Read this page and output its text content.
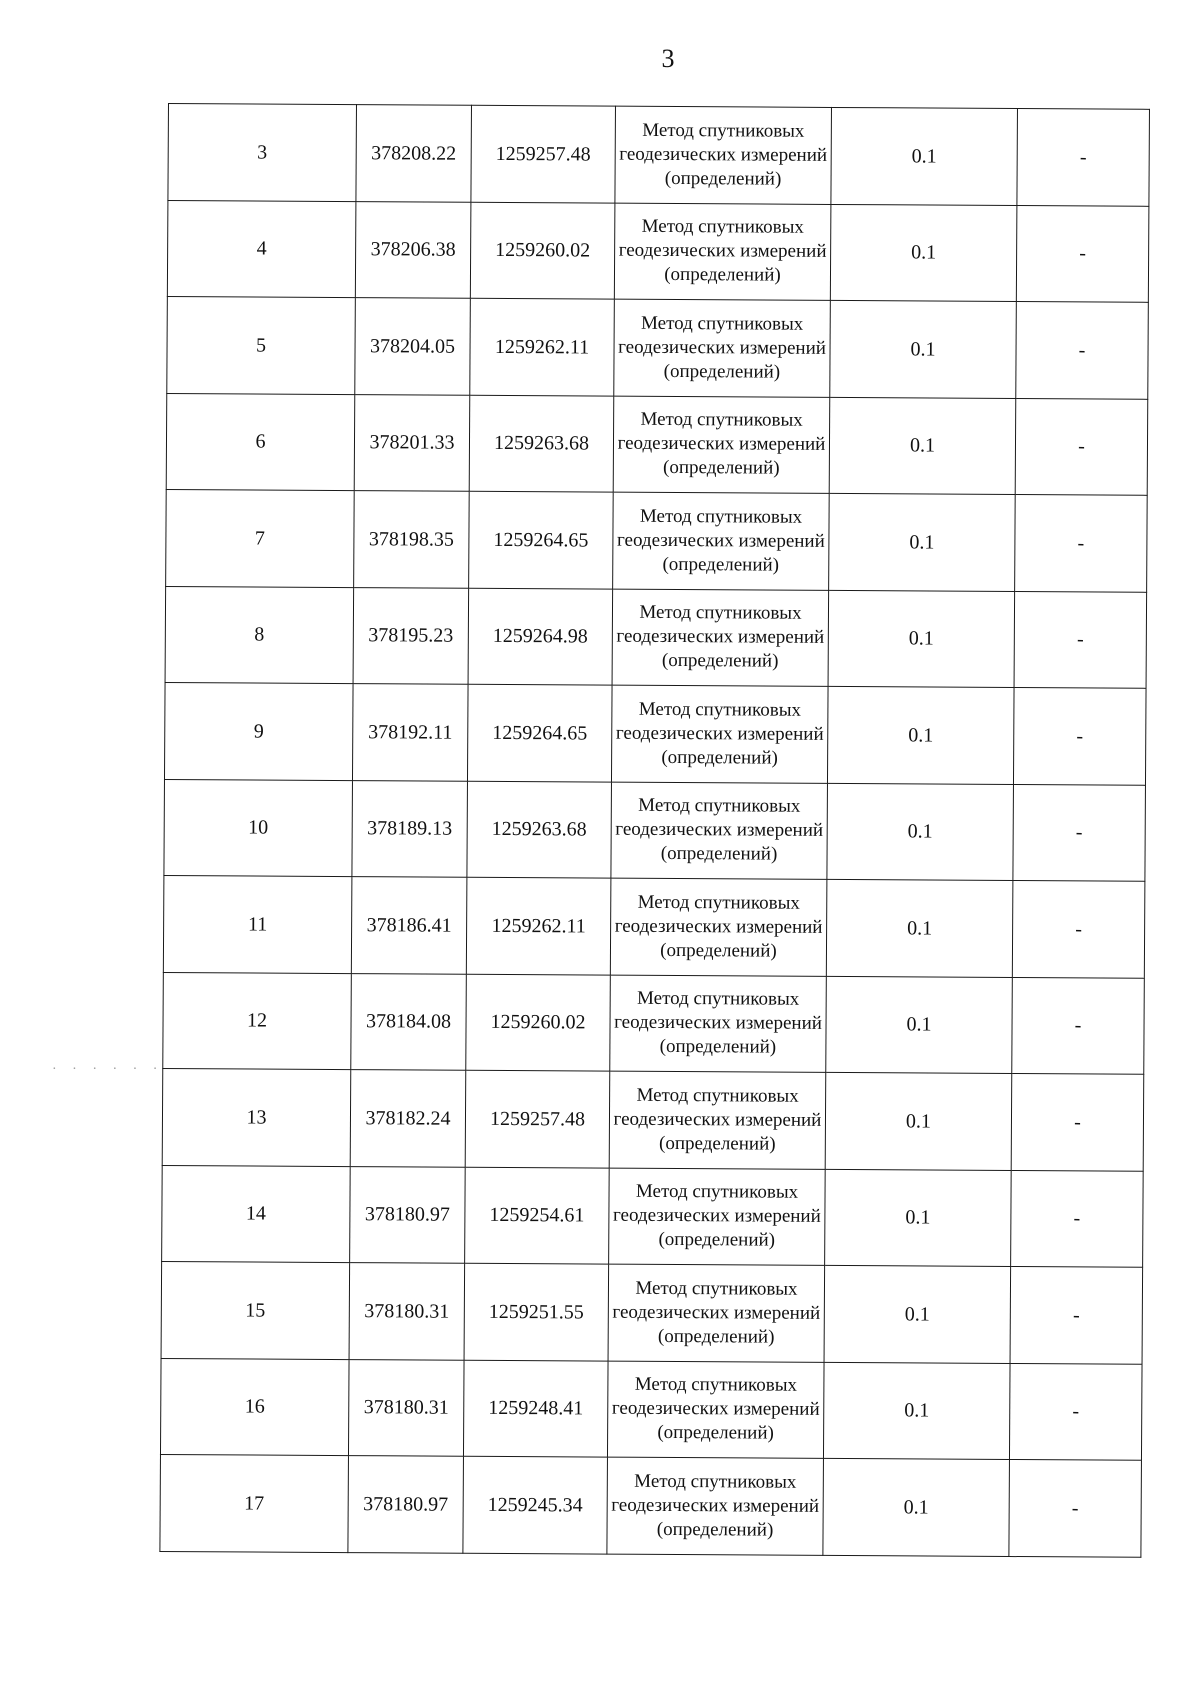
3
· · · · · ·
3	378208.22	1259257.48	Метод спутниковых геодезических измерений (определений)	0.1	-
4	378206.38	1259260.02	Метод спутниковых геодезических измерений (определений)	0.1	-
5	378204.05	1259262.11	Метод спутниковых геодезических измерений (определений)	0.1	-
6	378201.33	1259263.68	Метод спутниковых геодезических измерений (определений)	0.1	-
7	378198.35	1259264.65	Метод спутниковых геодезических измерений (определений)	0.1	-
8	378195.23	1259264.98	Метод спутниковых геодезических измерений (определений)	0.1	-
9	378192.11	1259264.65	Метод спутниковых геодезических измерений (определений)	0.1	-
10	378189.13	1259263.68	Метод спутниковых геодезических измерений (определений)	0.1	-
11	378186.41	1259262.11	Метод спутниковых геодезических измерений (определений)	0.1	-
12	378184.08	1259260.02	Метод спутниковых геодезических измерений (определений)	0.1	-
13	378182.24	1259257.48	Метод спутниковых геодезических измерений (определений)	0.1	-
14	378180.97	1259254.61	Метод спутниковых геодезических измерений (определений)	0.1	-
15	378180.31	1259251.55	Метод спутниковых геодезических измерений (определений)	0.1	-
16	378180.31	1259248.41	Метод спутниковых геодезических измерений (определений)	0.1	-
17	378180.97	1259245.34	Метод спутниковых геодезических измерений (определений)	0.1	-
